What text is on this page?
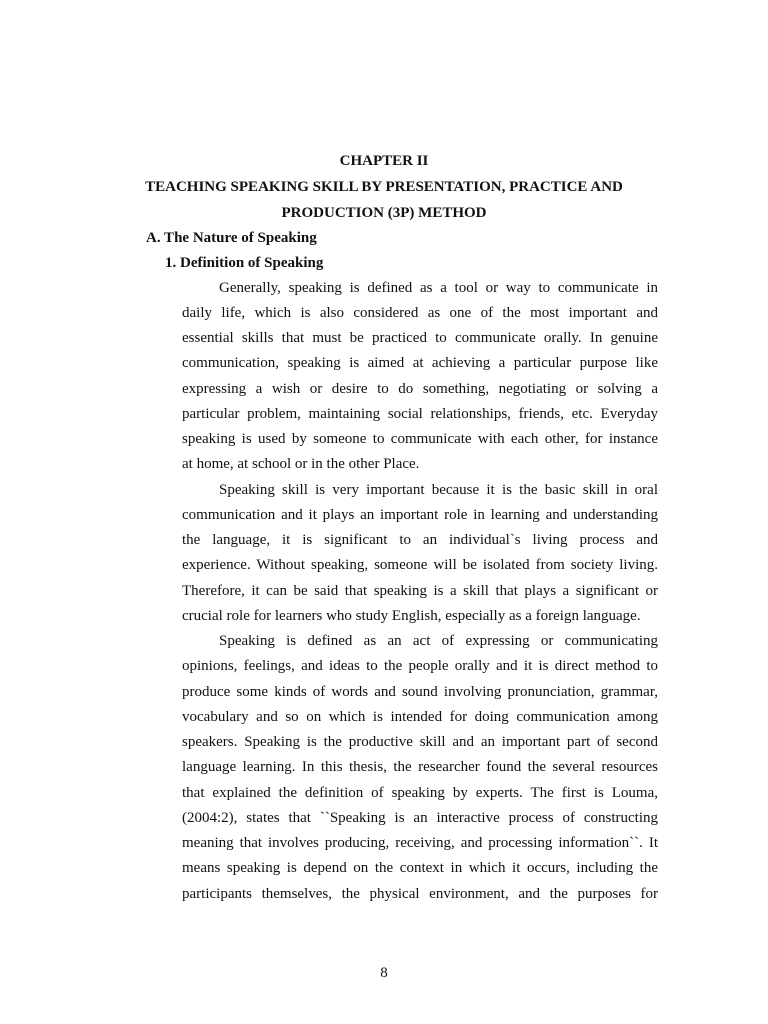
CHAPTER II
TEACHING SPEAKING SKILL BY PRESENTATION, PRACTICE AND
PRODUCTION (3P) METHOD
A. The Nature of Speaking
1. Definition of Speaking
Generally, speaking is defined as a tool or way to communicate in
daily life, which is also considered as one of the most important and
essential skills that must be practiced to communicate orally. In genuine
communication, speaking is aimed at achieving a particular purpose like
expressing a wish or desire to do something, negotiating or solving a
particular problem, maintaining social relationships, friends, etc. Everyday
speaking is used by someone to communicate with each other, for instance
at home, at school or in the other Place.
Speaking skill is very important because it is the basic skill in oral
communication and it plays an important role in learning and understanding
the language, it is significant to an individual`s living process and
experience. Without speaking, someone will be isolated from society living.
Therefore, it can be said that speaking is a skill that plays a significant or
crucial role for learners who study English, especially as a foreign language.
Speaking is defined as an act of expressing or communicating
opinions, feelings, and ideas to the people orally and it is direct method to
produce some kinds of words and sound involving pronunciation, grammar,
vocabulary and so on which is intended for doing communication among
speakers. Speaking is the productive skill and an important part of second
language learning. In this thesis, the researcher found the several resources
that explained the definition of speaking by experts. The first is Louma,
(2004:2), states that ``Speaking is an interactive process of constructing
meaning that involves producing, receiving, and processing information``. It
means speaking is depend on the context in which it occurs, including the
participants themselves, the physical environment, and the purposes for
8
